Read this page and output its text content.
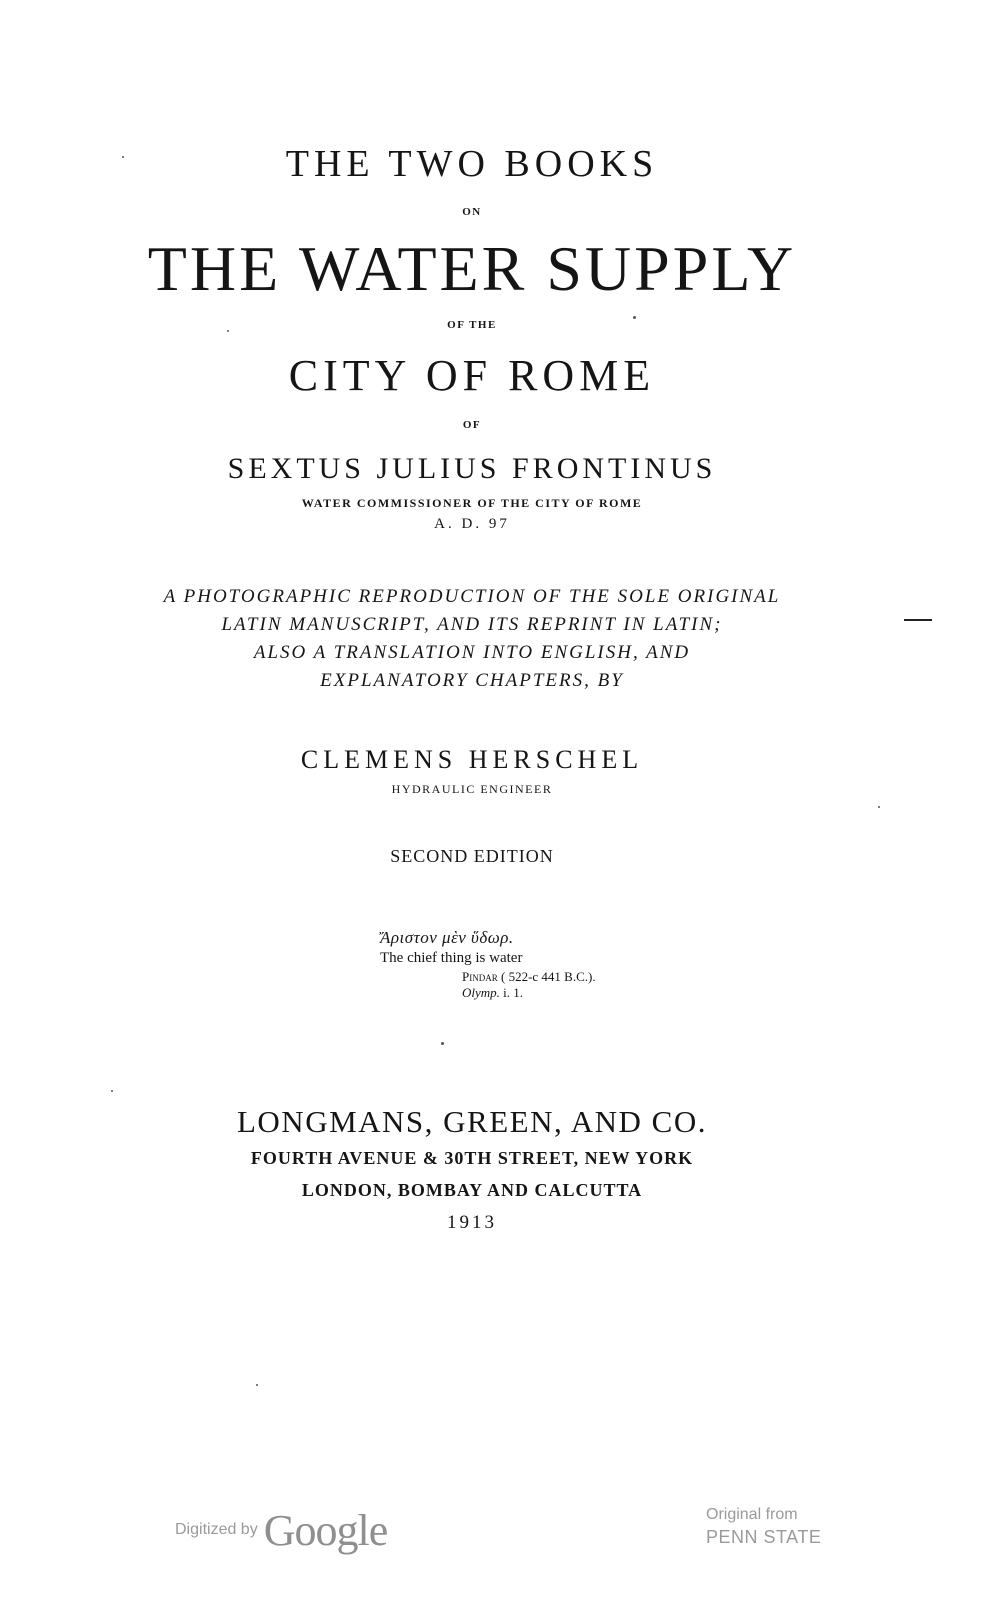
THE TWO BOOKS
ON
THE WATER SUPPLY
OF THE
CITY OF ROME
OF
SEXTUS JULIUS FRONTINUS
WATER COMMISSIONER OF THE CITY OF ROME
A. D. 97
A PHOTOGRAPHIC REPRODUCTION OF THE SOLE ORIGINAL
LATIN MANUSCRIPT, AND ITS REPRINT IN LATIN;
ALSO A TRANSLATION INTO ENGLISH, AND
EXPLANATORY CHAPTERS, BY
CLEMENS HERSCHEL
HYDRAULIC ENGINEER
SECOND EDITION
Ἄριστον μὲν ὕδωρ.
The chief thing is water
Pindar ( 522-c 441 B.C.).
Olymp. i. 1.
LONGMANS, GREEN, AND CO.
FOURTH AVENUE & 30TH STREET, NEW YORK
LONDON, BOMBAY AND CALCUTTA
1913
Digitized by Google	Original from
PENN STATE
